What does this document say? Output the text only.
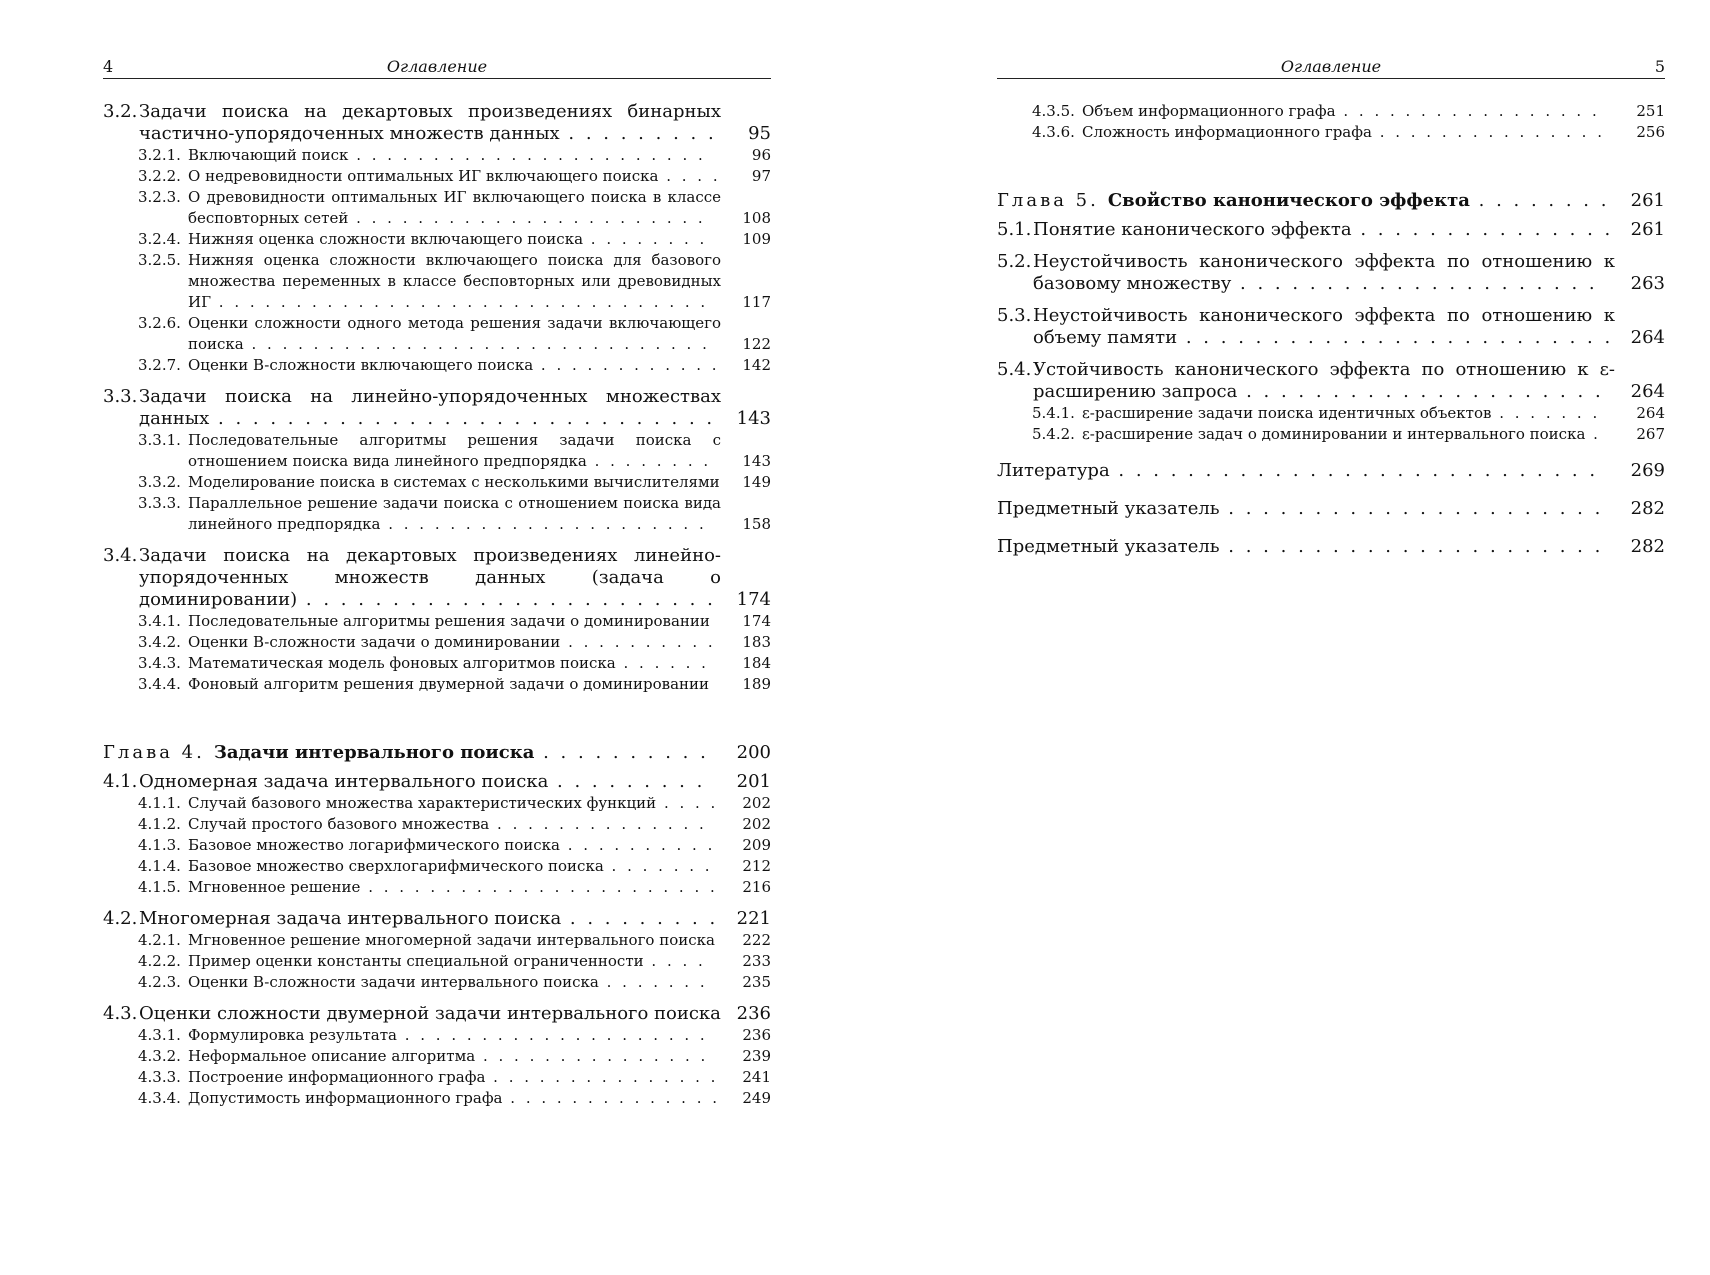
4	Оглавление
3.2. Задачи поиска на декартовых произведениях бинарных частично-упорядоченных множеств данных . . . . . . . . .	95
3.2.1. Включающий поиск . . . . . . . . . . . . . . . . . . . . . . .	96
3.2.2. О недревовидности оптимальных ИГ включающего поиска . . . .	97
3.2.3. О древовидности оптимальных ИГ включающего поиска в классе бесповторных сетей . . . . . . . . . . . . . . . . . . . . . . .	108
3.2.4. Нижняя оценка сложности включающего поиска . . . . . . . .	109
3.2.5. Нижняя оценка сложности включающего поиска для базового множества переменных в классе бесповторных или древовидных ИГ . . . . . . . . . . . . . . . . . . . . . . . . . . . . . . . .	117
3.2.6. Оценки сложности одного метода решения задачи включающего поиска . . . . . . . . . . . . . . . . . . . . . . . . . . . . . .	122
3.2.7. Оценки B-сложности включающего поиска . . . . . . . . . . . .	142
3.3. Задачи поиска на линейно-упорядоченных множествах данных . . . . . . . . . . . . . . . . . . . . . . . . . . . . .	143
3.3.1. Последовательные алгоритмы решения задачи поиска с отношением поиска вида линейного предпорядка . . . . . . . .	143
3.3.2. Моделирование поиска в системах с несколькими вычислителями	149
3.3.3. Параллельное решение задачи поиска с отношением поиска вида линейного предпорядка . . . . . . . . . . . . . . . . . . . . .	158
3.4. Задачи поиска на декартовых произведениях линейно-упорядоченных множеств данных (задача о доминировании) . . . . . . . . . . . . . . . . . . . . . . . .	174
3.4.1. Последовательные алгоритмы решения задачи о доминировании	174
3.4.2. Оценки B-сложности задачи о доминировании . . . . . . . . . .	183
3.4.3. Математическая модель фоновых алгоритмов поиска . . . . . .	184
3.4.4. Фоновый алгоритм решения двумерной задачи о доминировании	189
Глава 4.  Задачи интервального поиска . . . . . . . . . .	200
4.1. Одномерная задача интервального поиска . . . . . . . . .	201
4.1.1. Случай базового множества характеристических функций . . . .	202
4.1.2. Случай простого базового множества . . . . . . . . . . . . . .	202
4.1.3. Базовое множество логарифмического поиска . . . . . . . . . .	209
4.1.4. Базовое множество сверхлогарифмического поиска . . . . . . .	212
4.1.5. Мгновенное решение . . . . . . . . . . . . . . . . . . . . . . .	216
4.2. Многомерная задача интервального поиска . . . . . . . . .	221
4.2.1. Мгновенное решение многомерной задачи интервального поиска	222
4.2.2. Пример оценки константы специальной ограниченности . . . .	233
4.2.3. Оценки B-сложности задачи интервального поиска . . . . . . .	235
4.3. Оценки сложности двумерной задачи интервального поиска 236
4.3.1. Формулировка результата . . . . . . . . . . . . . . . . . . . .	236
4.3.2. Неформальное описание алгоритма . . . . . . . . . . . . . . .	239
4.3.3. Построение информационного графа . . . . . . . . . . . . . . .	241
4.3.4. Допустимость информационного графа . . . . . . . . . . . . . .	249
Оглавление	5
4.3.5. Объем информационного графа . . . . . . . . . . . . . . . . .	251
4.3.6. Сложность информационного графа . . . . . . . . . . . . . . .	256
Глава 5.  Свойство канонического эффекта . . . . . . . .	261
5.1. Понятие канонического эффекта . . . . . . . . . . . . . . . 261
5.2. Неустойчивость канонического эффекта по отношению к базовому множеству . . . . . . . . . . . . . . . . . . . . .	263
5.3. Неустойчивость канонического эффекта по отношению к объему памяти . . . . . . . . . . . . . . . . . . . . . . . . . 264
5.4. Устойчивость канонического эффекта по отношению к ε-расширению запроса . . . . . . . . . . . . . . . . . . . . .	264
5.4.1. ε-расширение задачи поиска идентичных объектов . . . . . . .	264
5.4.2. ε-расширение задач о доминировании и интервального поиска .	267
Литература . . . . . . . . . . . . . . . . . . . . . . . . . . . .	269
Предметный указатель . . . . . . . . . . . . . . . . . . . . . .	282
Предметный указатель . . . . . . . . . . . . . . . . . . . . . .	282
